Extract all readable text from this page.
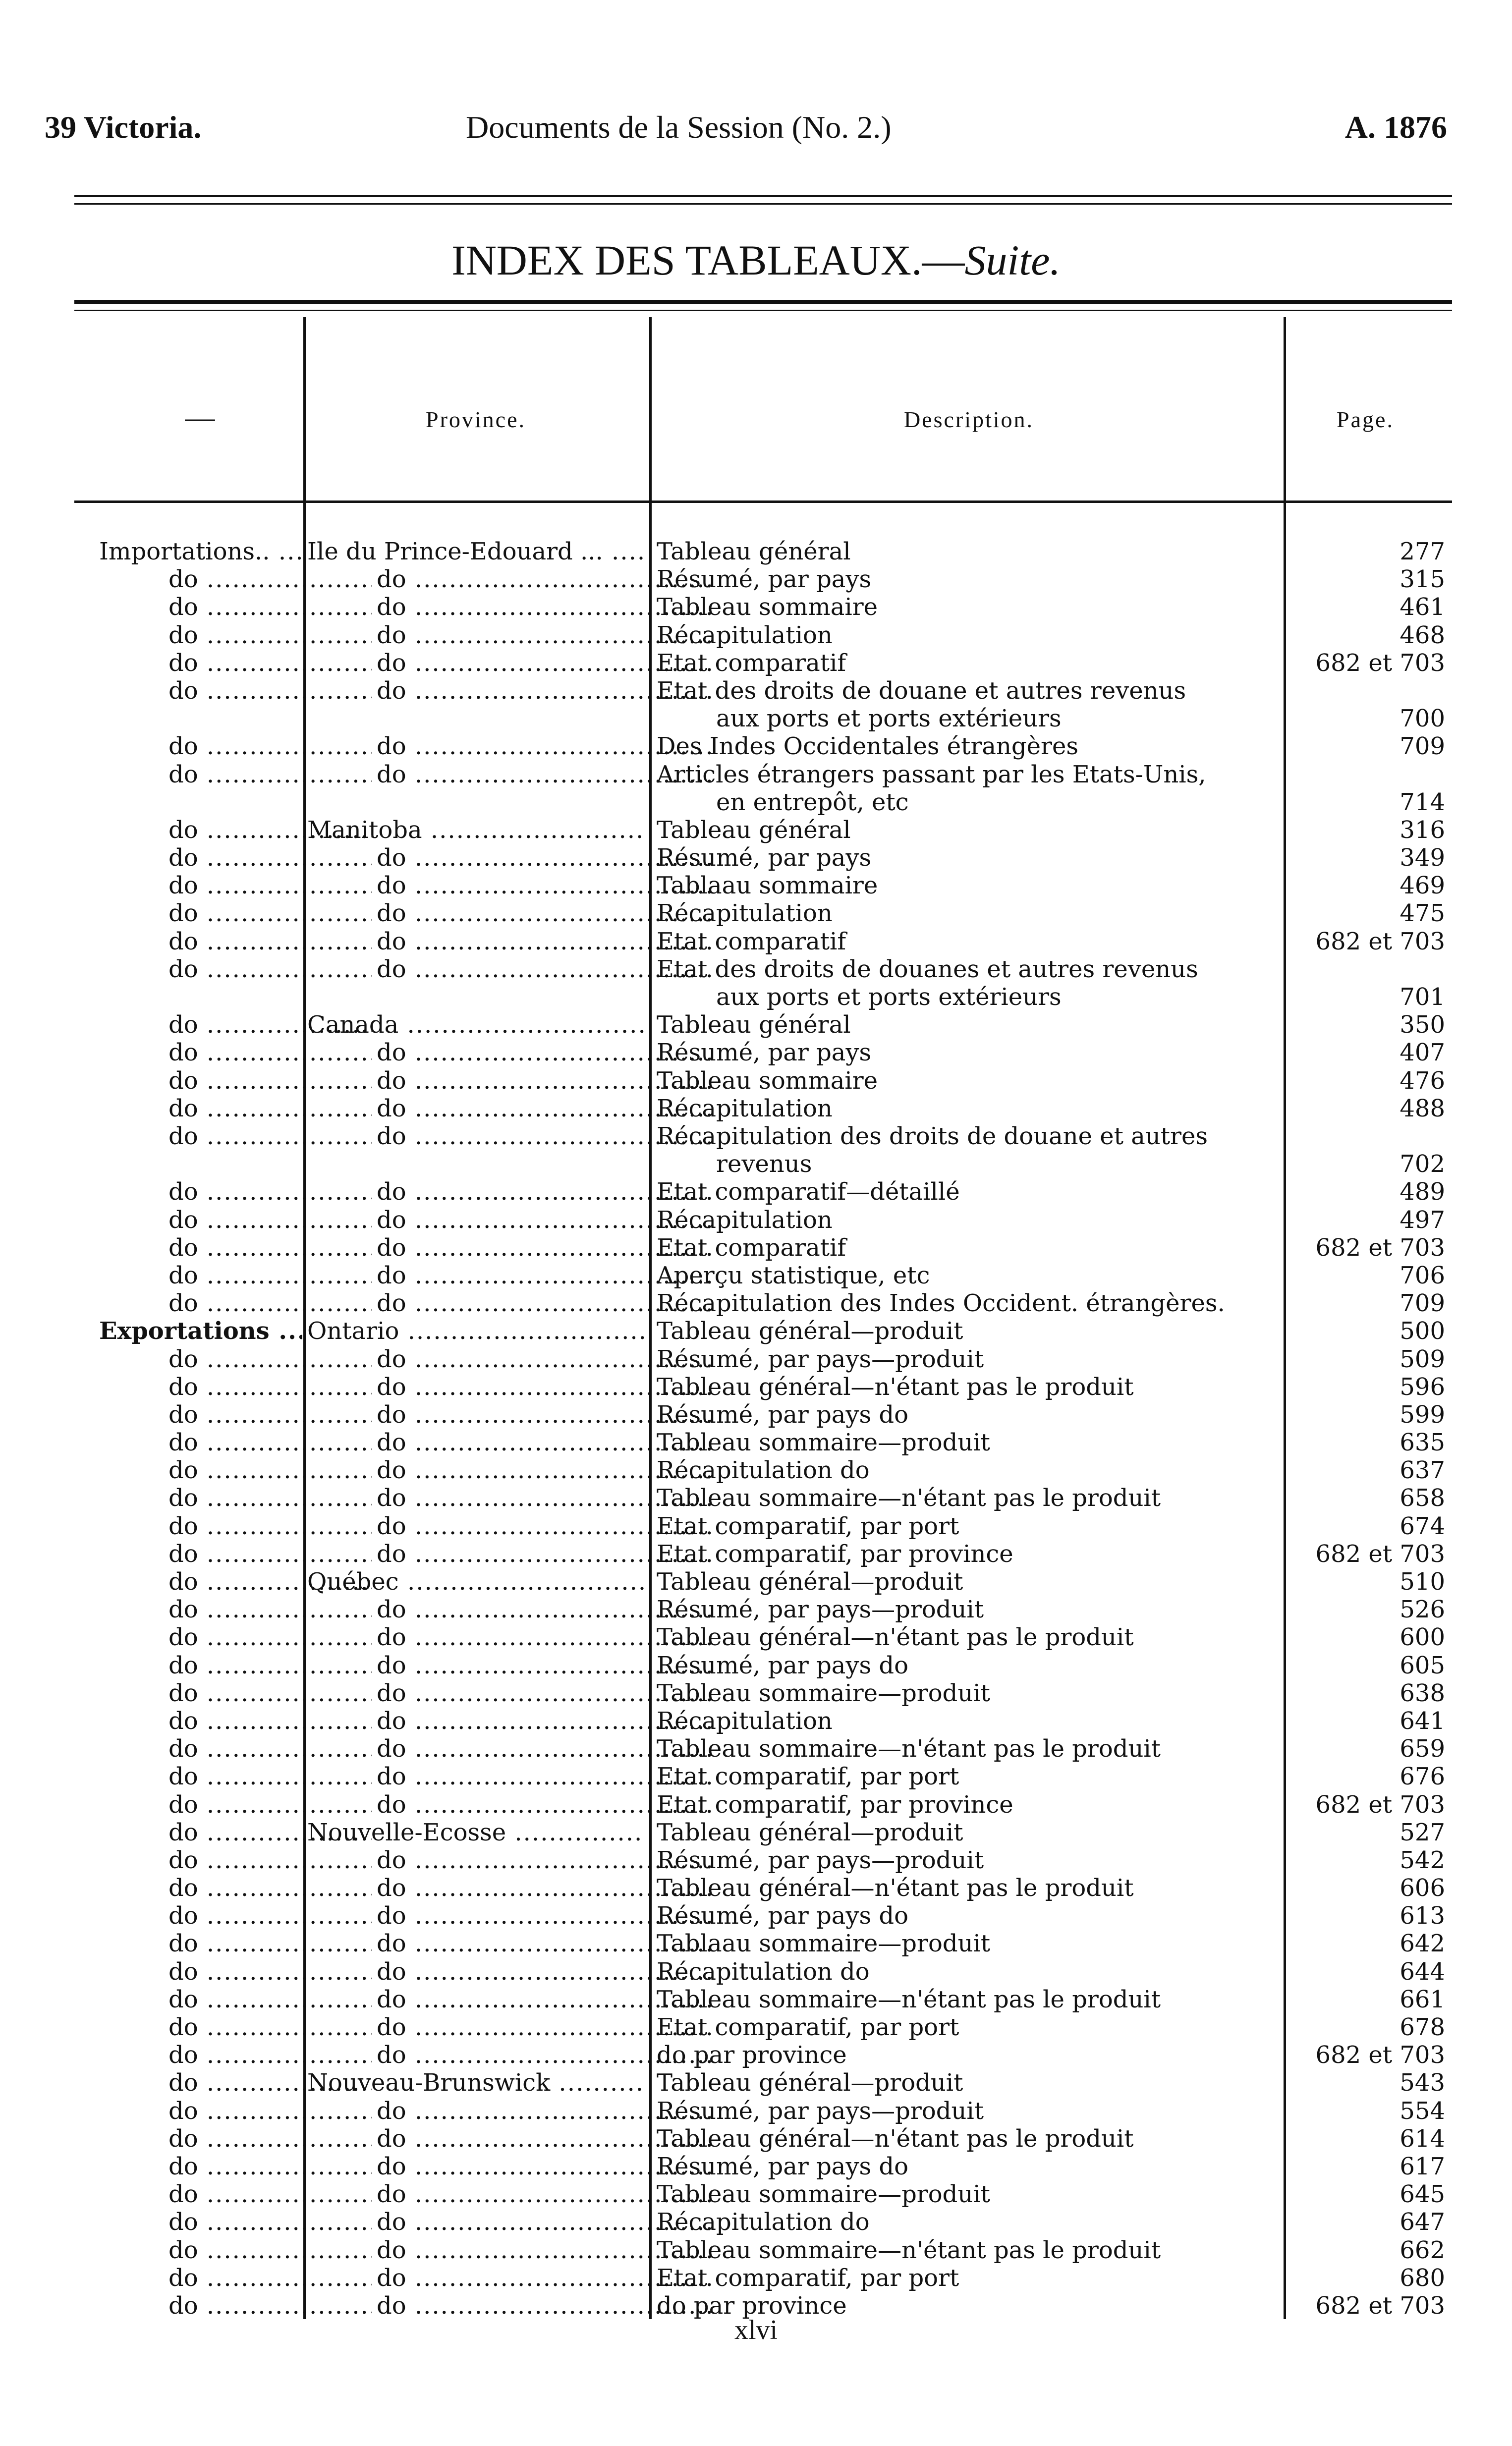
39 Victoria.	Documents de la Session (No. 2.)	A. 1876
INDEX DES TABLEAUX.—Suite.
—	Province.	Description.	Page.
Importations.. .....	Ile du Prince-Edouard ... .....	Tableau général	277
do .....	do .....	Résumé, par pays	315
do .....	do .....	Tableau sommaire	461
do .....	do .....	Récapitulation	468
do .....	do .....	Etat comparatif	682 et 703
do .....	do .....	Etat des droits de douane et autres revenus
aux ports et ports extérieurs	700
do .....	do .....	Des Indes Occidentales étrangères	709
do .....	do .....	Articles étrangers passant par les Etats-Unis,
en entrepôt, etc	714
do .....	Manitoba .....	Tableau général	316
do .....	do .....	Résumé, par pays	349
do .....	do .....	Tablaau sommaire	469
do .....	do .....	Récapitulation	475
do .....	do .....	Etat comparatif	682 et 703
do .....	do .....	Etat des droits de douanes et autres revenus
aux ports et ports extérieurs	701
do .....	Canada .....	Tableau général	350
do .....	do .....	Résumé, par pays	407
do .....	do .....	Tableau sommaire	476
do .....	do .....	Récapitulation	488
do .....	do .....	Récapitulation des droits de douane et autres
revenus	702
do .....	do .....	Etat comparatif—détaillé	489
do .....	do .....	Récapitulation	497
do .....	do .....	Etat comparatif	682 et 703
do .....	do .....	Aperçu statistique, etc	706
do .....	do .....	Récapitulation des Indes Occident. étrangères.	709
Exportations .....	Ontario .....	Tableau général—produit	500
do .....	do .....	Résumé, par pays—produit	509
do .....	do .....	Tableau général—n'étant pas le produit	596
do .....	do .....	Résumé, par pays do	599
do .....	do .....	Tableau sommaire—produit	635
do .....	do .....	Récapitulation do	637
do .....	do .....	Tableau sommaire—n'étant pas le produit	658
do .....	do .....	Etat comparatif, par port	674
do .....	do .....	Etat comparatif, par province	682 et 703
do .....	Québec .....	Tableau général—produit	510
do .....	do .....	Résumé, par pays—produit	526
do .....	do .....	Tableau général—n'étant pas le produit	600
do .....	do .....	Résumé, par pays do	605
do .....	do .....	Tableau sommaire—produit	638
do .....	do .....	Récapitulation	641
do .....	do .....	Tableau sommaire—n'étant pas le produit	659
do .....	do .....	Etat comparatif, par port	676
do .....	do .....	Etat comparatif, par province	682 et 703
do .....	Nouvelle-Ecosse .....	Tableau général—produit	527
do .....	do .....	Résumé, par pays—produit	542
do .....	do .....	Tableau général—n'étant pas le produit	606
do .....	do .....	Résumé, par pays do	613
do .....	do .....	Tablaau sommaire—produit	642
do .....	do .....	Récapitulation do	644
do .....	do .....	Tableau sommaire—n'étant pas le produit	661
do .....	do .....	Etat comparatif, par port	678
do .....	do .....	do par province	682 et 703
do .....	Nouveau-Brunswick .....	Tableau général—produit	543
do .....	do .....	Résumé, par pays—produit	554
do .....	do .....	Tableau général—n'étant pas le produit	614
do .....	do .....	Résumé, par pays do	617
do .....	do .....	Tableau sommaire—produit	645
do .....	do .....	Récapitulation do	647
do .....	do .....	Tableau sommaire—n'étant pas le produit	662
do .....	do .....	Etat comparatif, par port	680
do .....	do .....	do par province	682 et 703
xlvi
